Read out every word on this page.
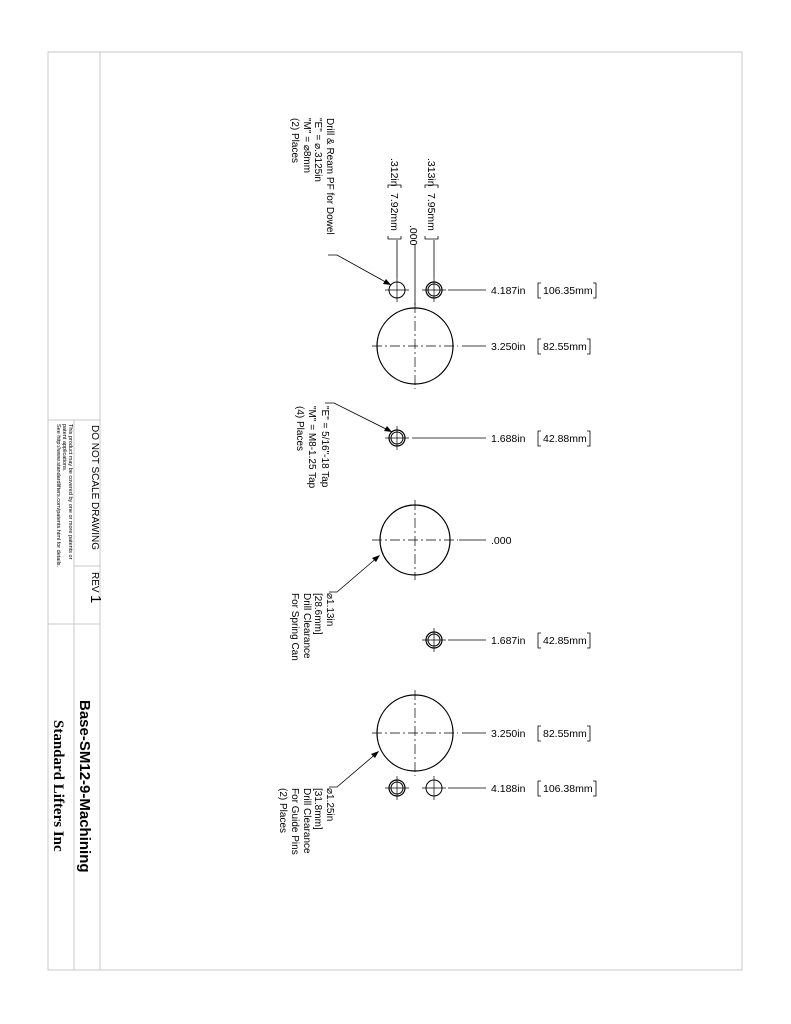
DO NOT SCALE DRAWING
REV
1
This product may be covered by one or more patents or
patent applications.
See http://www.standardlifters.com/patents.html for details.
Base-SM12-9-Machining
Standard Lifters Inc
4.187in 106.35mm
3.250in 82.55mm
1.688in 42.88mm
.000
1.687in 42.85mm
3.250in 82.55mm
4.188in 106.38mm
.313in
7.95mm
.000
.312in
7.92mm
Drill & Ream PF for Dowel
"E" = ⌀.3125in
"M" = ⌀8mm
(2) Places
"E" = 5/16"-18 Tap
"M" = M8-1.25 Tap
(4) Places
⌀1.13in
[28.6mm]
Drill Clearance
For Spring Can
⌀1.25in
[31.8mm]
Drill Clearance
For Guide Pins
(2) Places
